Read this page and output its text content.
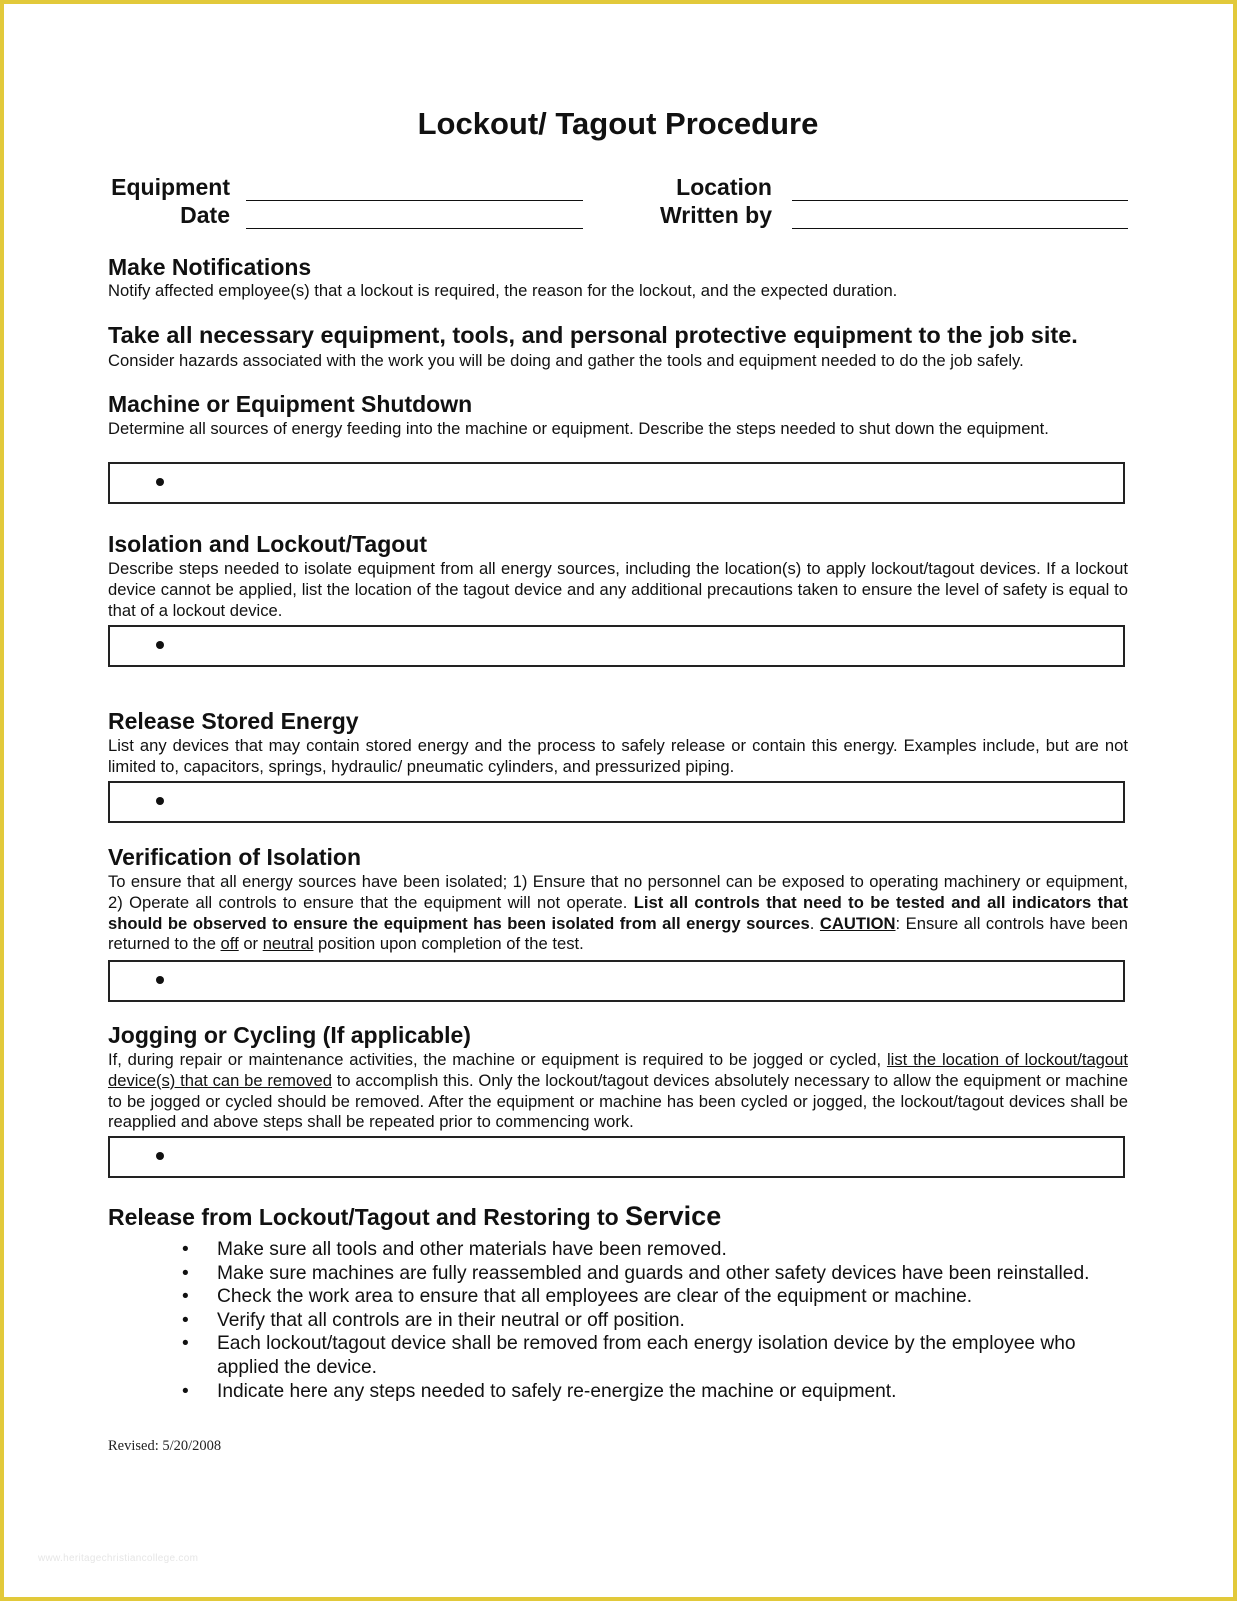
Lockout/ Tagout Procedure
Equipment
Date
Location
Written by
Make Notifications
Notify affected employee(s) that a lockout is required, the reason for the lockout, and the expected duration.
Take all necessary equipment, tools, and personal protective equipment to the job site.
Consider hazards associated with the work you will be doing and gather the tools and equipment needed to do the job safely.
Machine or Equipment Shutdown
Determine all sources of energy feeding into the machine or equipment. Describe the steps needed to shut down the equipment.
Isolation and Lockout/Tagout
Describe steps needed to isolate equipment from all energy sources, including the location(s) to apply lockout/tagout devices. If a lockout device cannot be applied, list the location of the tagout device and any additional precautions taken to ensure the level of safety is equal to that of a lockout device.
Release Stored Energy
List any devices that may contain stored energy and the process to safely release or contain this energy. Examples include, but are not limited to, capacitors, springs, hydraulic/ pneumatic cylinders, and pressurized piping.
Verification of Isolation
To ensure that all energy sources have been isolated; 1) Ensure that no personnel can be exposed to operating machinery or equipment, 2) Operate all controls to ensure that the equipment will not operate. List all controls that need to be tested and all indicators that should be observed to ensure the equipment has been isolated from all energy sources. CAUTION: Ensure all controls have been returned to the off or neutral position upon completion of the test.
Jogging or Cycling (If applicable)
If, during repair or maintenance activities, the machine or equipment is required to be jogged or cycled, list the location of lockout/tagout device(s) that can be removed to accomplish this. Only the lockout/tagout devices absolutely necessary to allow the equipment or machine to be jogged or cycled should be removed. After the equipment or machine has been cycled or jogged, the lockout/tagout devices shall be reapplied and above steps shall be repeated prior to commencing work.
Release from Lockout/Tagout and Restoring to Service
• Make sure all tools and other materials have been removed.
• Make sure machines are fully reassembled and guards and other safety devices have been reinstalled.
• Check the work area to ensure that all employees are clear of the equipment or machine.
• Verify that all controls are in their neutral or off position.
• Each lockout/tagout device shall be removed from each energy isolation device by the employee who applied the device.
• Indicate here any steps needed to safely re-energize the machine or equipment.
Revised: 5/20/2008
www.heritagechristiancollege.com
